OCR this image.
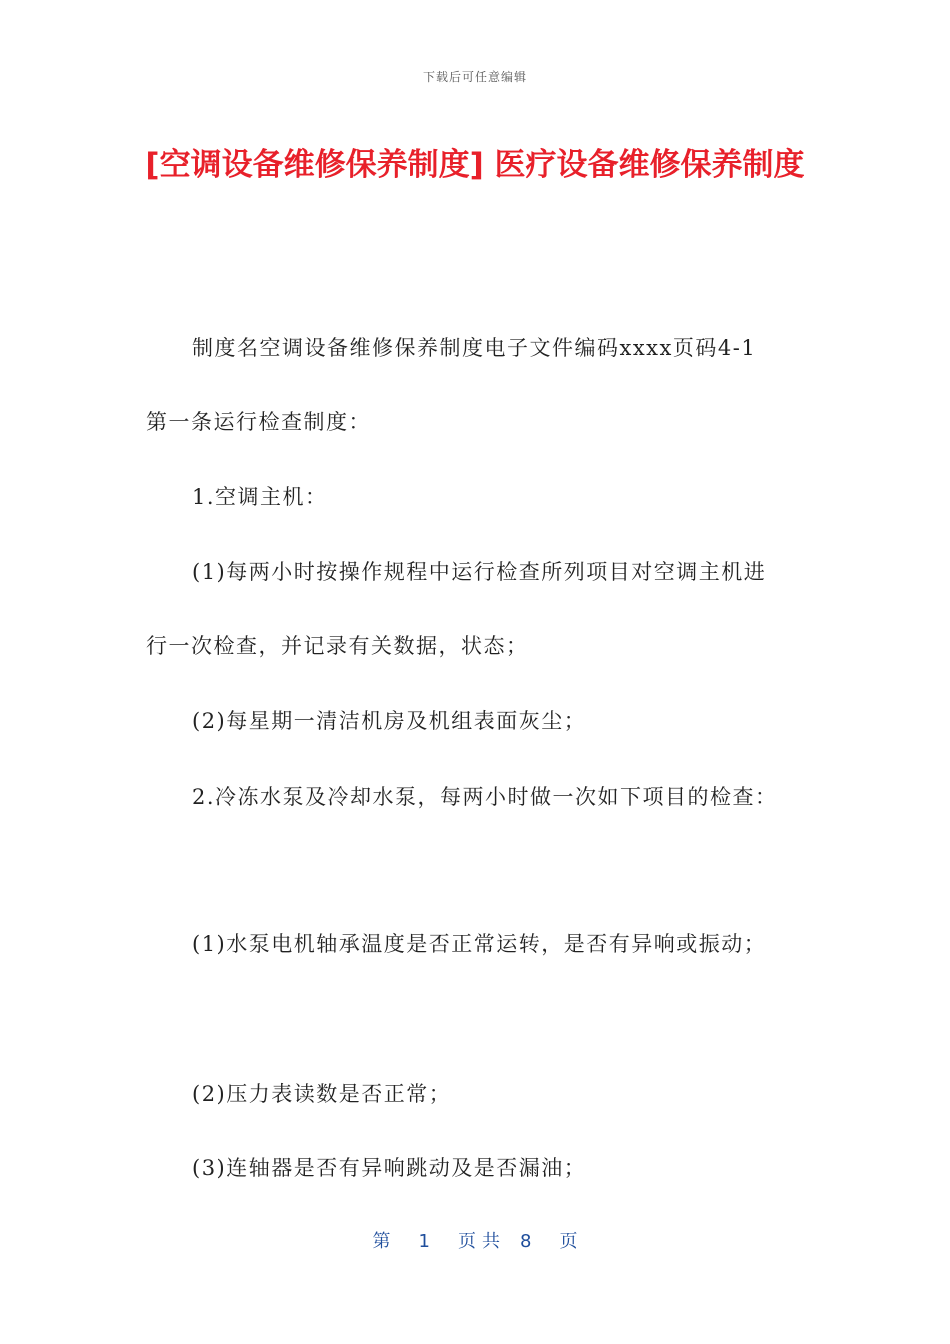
下载后可任意编辑
[空调设备维修保养制度] 医疗设备维修保养制度
制度名空调设备维修保养制度电子文件编码xxxx页码4-1
第一条运行检查制度：
1.空调主机：
(1)每两小时按操作规程中运行检查所列项目对空调主机进
行一次检查，并记录有关数据，状态；
(2)每星期一清洁机房及机组表面灰尘；
2.冷冻水泵及冷却水泵，每两小时做一次如下项目的检查：
(1)水泵电机轴承温度是否正常运转，是否有异响或振动；
(2)压力表读数是否正常；
(3)连轴器是否有异响跳动及是否漏油；
第 1 页共 8 页
